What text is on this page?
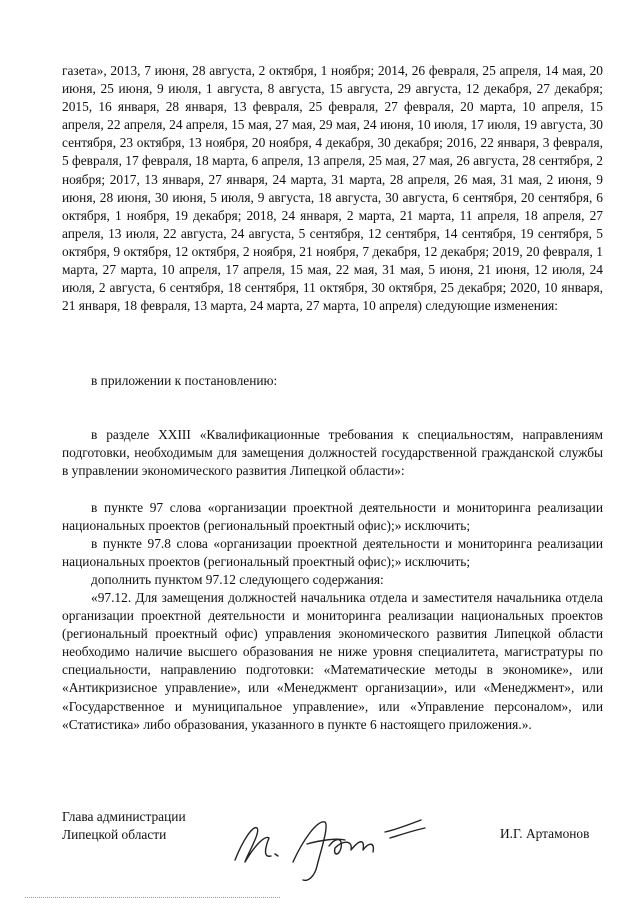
газета», 2013, 7 июня, 28 августа, 2 октября, 1 ноября; 2014, 26 февраля, 25 апреля, 14 мая, 20 июня, 25 июня, 9 июля, 1 августа, 8 августа, 15 августа, 29 августа, 12 декабря, 27 декабря; 2015, 16 января, 28 января, 13 февраля, 25 февраля, 27 февраля, 20 марта, 10 апреля, 15 апреля, 22 апреля, 24 апреля, 15 мая, 27 мая, 29 мая, 24 июня, 10 июля, 17 июля, 19 августа, 30 сентября, 23 октября, 13 ноября, 20 ноября, 4 декабря, 30 декабря; 2016, 22 января, 3 февраля, 5 февраля, 17 февраля, 18 марта, 6 апреля, 13 апреля, 25 мая, 27 мая, 26 августа, 28 сентября, 2 ноября; 2017, 13 января, 27 января, 24 марта, 31 марта, 28 апреля, 26 мая, 31 мая, 2 июня, 9 июня, 28 июня, 30 июня, 5 июля, 9 августа, 18 августа, 30 августа, 6 сентября, 20 сентября, 6 октября, 1 ноября, 19 декабря; 2018, 24 января, 2 марта, 21 марта, 11 апреля, 18 апреля, 27 апреля, 13 июля, 22 августа, 24 августа, 5 сентября, 12 сентября, 14 сентября, 19 сентября, 5 октября, 9 октября, 12 октября, 2 ноября, 21 ноября, 7 декабря, 12 декабря; 2019, 20 февраля, 1 марта, 27 марта, 10 апреля, 17 апреля, 15 мая, 22 мая, 31 мая, 5 июня, 21 июня, 12 июля, 24 июля, 2 августа, 6 сентября, 18 сентября, 11 октября, 30 октября, 25 декабря; 2020, 10 января, 21 января, 18 февраля, 13 марта, 24 марта, 27 марта, 10 апреля) следующие изменения:

в приложении к постановлению:

в разделе XXIII «Квалификационные требования к специальностям, направлениям подготовки, необходимым для замещения должностей государственной гражданской службы в управлении экономического развития Липецкой области»:

в пункте 97 слова «организации проектной деятельности и мониторинга реализации национальных проектов (региональный проектный офис);» исключить;

в пункте 97.8 слова «организации проектной деятельности и мониторинга реализации национальных проектов (региональный проектный офис);» исключить;

дополнить пунктом 97.12 следующего содержания:

«97.12. Для замещения должностей начальника отдела и заместителя начальника отдела организации проектной деятельности и мониторинга реализации национальных проектов (региональный проектный офис) управления экономического развития Липецкой области необходимо наличие высшего образования не ниже уровня специалитета, магистратуры по специальности, направлению подготовки: «Математические методы в экономике», или «Антикризисное управление», или «Менеджмент организации», или «Менеджмент», или «Государственное и муниципальное управление», или «Управление персоналом», или «Статистика» либо образования, указанного в пункте 6 настоящего приложения.».

Глава администрации
Липецкой области	И.Г. Артамонов
